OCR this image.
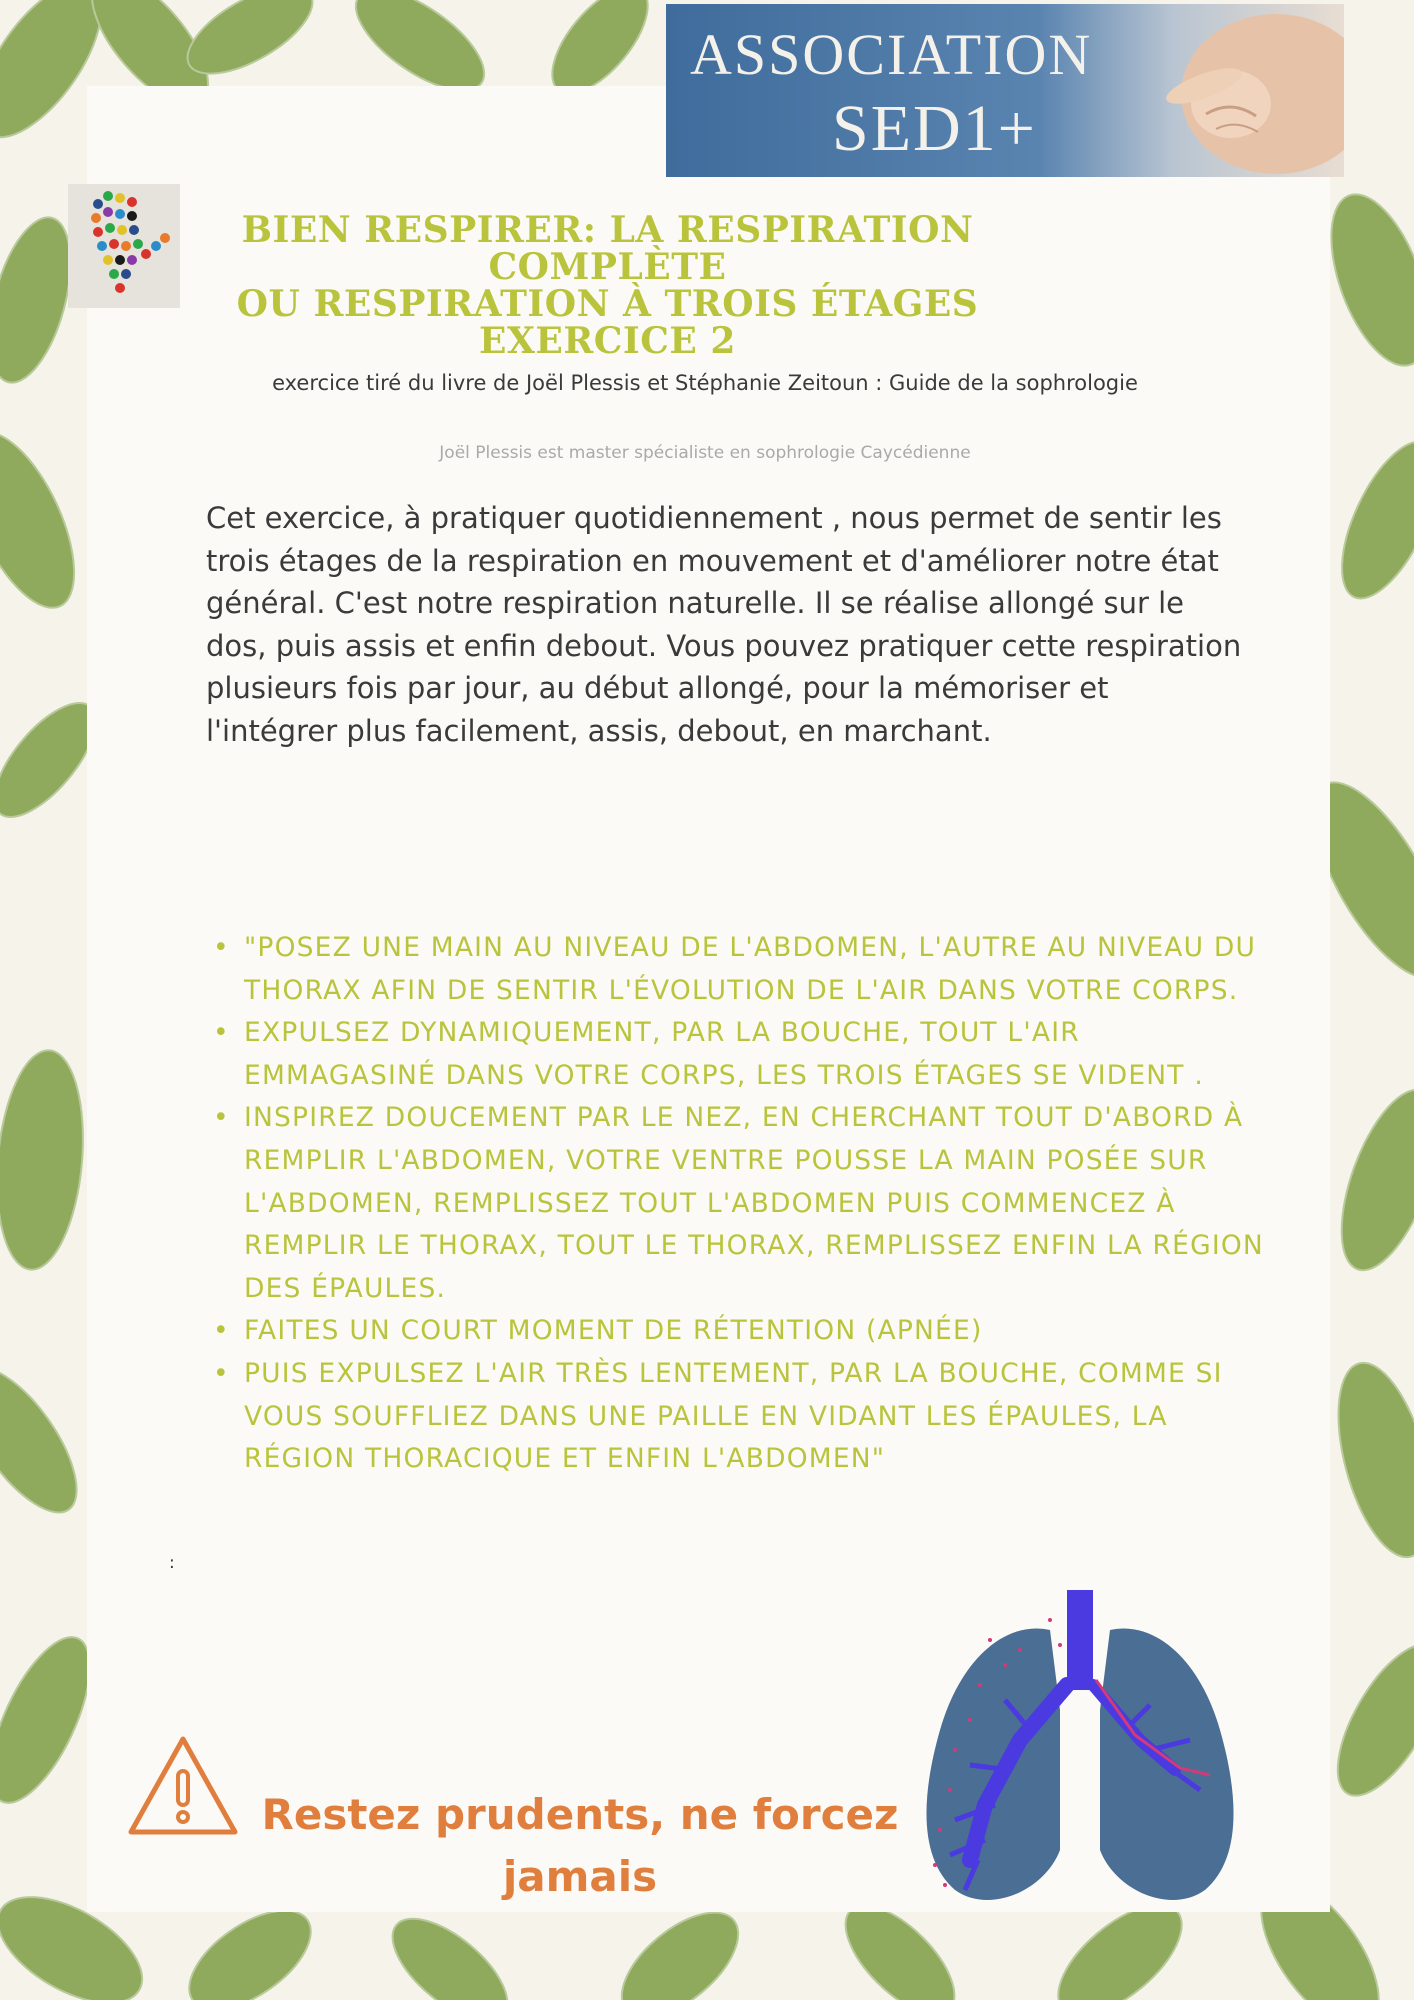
ASSOCIATION
SED1+
BIEN RESPIRER: LA RESPIRATION COMPLÈTE
OU RESPIRATION À TROIS ÉTAGES
EXERCICE 2

exercice tiré du livre de Joël Plessis et Stéphanie Zeitoun : Guide de la sophrologie

Joël Plessis est master spécialiste en sophrologie Caycédienne

Cet exercice, à pratiquer quotidiennement , nous permet de sentir les trois étages de la respiration en mouvement et d'améliorer notre état général. C'est notre respiration naturelle. Il se réalise allongé sur le dos, puis assis et enfin debout. Vous pouvez pratiquer cette respiration plusieurs fois par jour, au début allongé, pour la mémoriser et l'intégrer plus facilement, assis, debout, en marchant.

• "POSEZ UNE MAIN AU NIVEAU DE L'ABDOMEN, L'AUTRE AU NIVEAU DU THORAX AFIN DE SENTIR L'ÉVOLUTION DE L'AIR DANS VOTRE CORPS.
• EXPULSEZ DYNAMIQUEMENT, PAR LA BOUCHE, TOUT L'AIR EMMAGASINÉ DANS VOTRE CORPS, LES TROIS ÉTAGES SE VIDENT .
• INSPIREZ DOUCEMENT PAR LE NEZ, EN CHERCHANT TOUT D'ABORD À REMPLIR L'ABDOMEN, VOTRE VENTRE POUSSE LA MAIN POSÉE SUR L'ABDOMEN, REMPLISSEZ TOUT L'ABDOMEN PUIS COMMENCEZ À REMPLIR LE THORAX, TOUT LE THORAX, REMPLISSEZ ENFIN LA RÉGION DES ÉPAULES.
• FAITES UN COURT MOMENT DE RÉTENTION (APNÉE)
• PUIS EXPULSEZ L'AIR TRÈS LENTEMENT, PAR LA BOUCHE, COMME SI VOUS SOUFFLIEZ DANS UNE PAILLE EN VIDANT LES ÉPAULES, LA RÉGION THORACIQUE ET ENFIN L'ABDOMEN"

:

Restez prudents, ne forcez
jamais
